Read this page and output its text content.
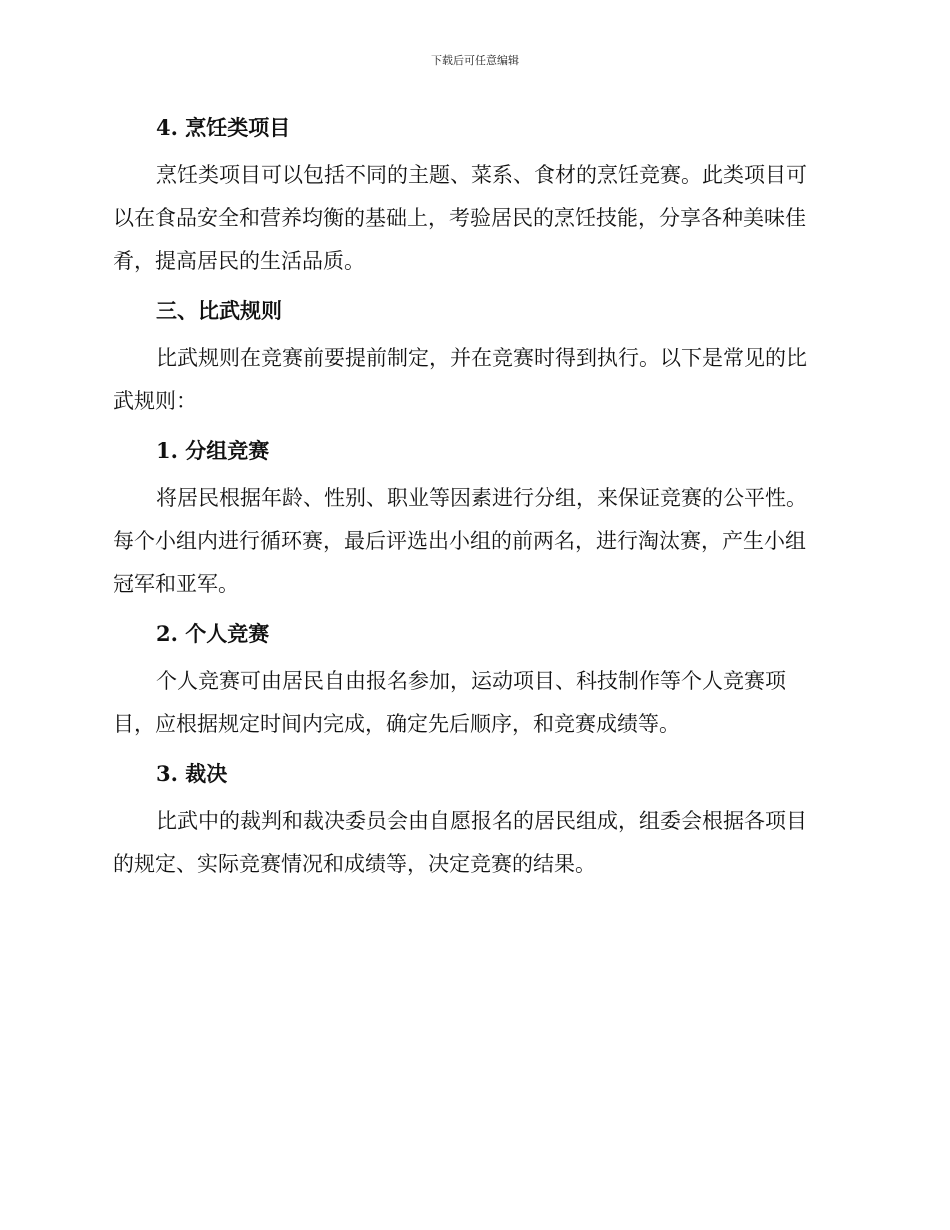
下载后可任意编辑
4. 烹饪类项目
烹饪类项目可以包括不同的主题、菜系、食材的烹饪竞赛。此类项目可
以在食品安全和营养均衡的基础上，考验居民的烹饪技能，分享各种美味佳
肴，提高居民的生活品质。
三、比武规则
比武规则在竞赛前要提前制定，并在竞赛时得到执行。以下是常见的比
武规则：
1. 分组竞赛
将居民根据年龄、性别、职业等因素进行分组，来保证竞赛的公平性。
每个小组内进行循环赛，最后评选出小组的前两名，进行淘汰赛，产生小组
冠军和亚军。
2. 个人竞赛
个人竞赛可由居民自由报名参加，运动项目、科技制作等个人竞赛项
目，应根据规定时间内完成，确定先后顺序，和竞赛成绩等。
3. 裁决
比武中的裁判和裁决委员会由自愿报名的居民组成，组委会根据各项目
的规定、实际竞赛情况和成绩等，决定竞赛的结果。
